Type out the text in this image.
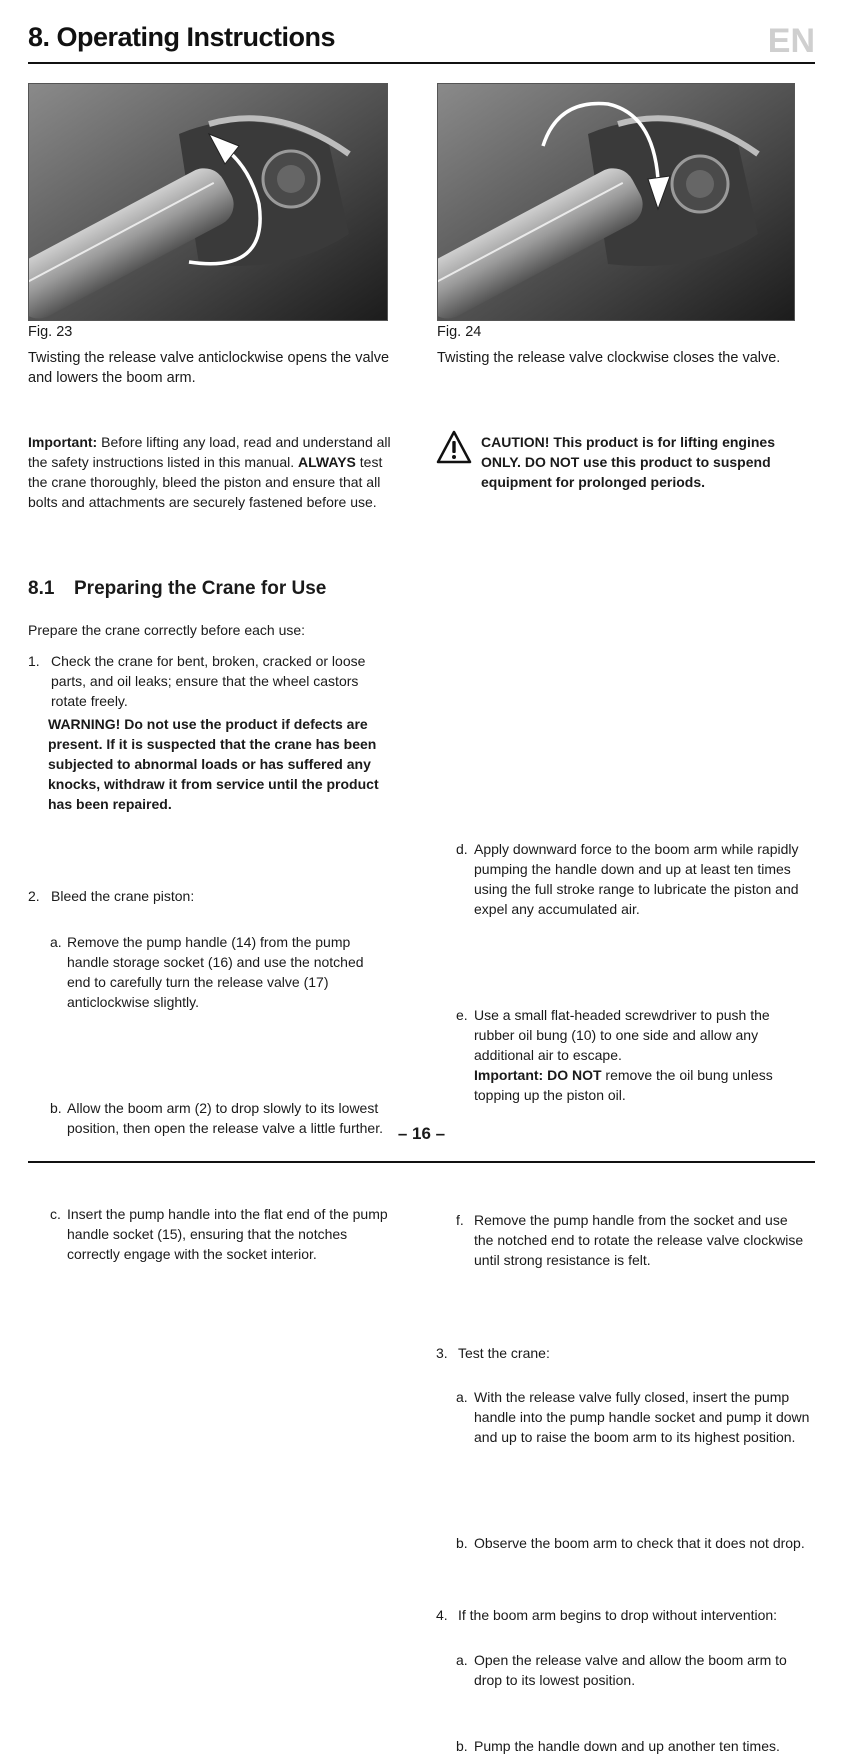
8. Operating Instructions	EN
Fig. 23
Twisting the release valve anticlockwise opens the valve and lowers the boom arm.
Fig. 24
Twisting the release valve clockwise closes the valve.
Important: Before lifting any load, read and understand all the safety instructions listed in this manual. ALWAYS test the crane thoroughly, bleed the piston and ensure that all bolts and attachments are securely fastened before use.
CAUTION! This product is for lifting engines ONLY. DO NOT use this product to suspend equipment for prolonged periods.
8.1 Preparing the Crane for Use
Prepare the crane correctly before each use:
1. Check the crane for bent, broken, cracked or loose parts, and oil leaks; ensure that the wheel castors rotate freely.
WARNING! Do not use the product if defects are present. If it is suspected that the crane has been subjected to abnormal loads or has suffered any knocks, withdraw it from service until the product has been repaired.
2. Bleed the crane piston:
a. Remove the pump handle (14) from the pump handle storage socket (16) and use the notched end to carefully turn the release valve (17) anticlockwise slightly.
b. Allow the boom arm (2) to drop slowly to its lowest position, then open the release valve a little further.
c. Insert the pump handle into the flat end of the pump handle socket (15), ensuring that the notches correctly engage with the socket interior.
d. Apply downward force to the boom arm while rapidly pumping the handle down and up at least ten times using the full stroke range to lubricate the piston and expel any accumulated air.
e. Use a small flat-headed screwdriver to push the rubber oil bung (10) to one side and allow any additional air to escape.
Important: DO NOT remove the oil bung unless topping up the piston oil.
f. Remove the pump handle from the socket and use the notched end to rotate the release valve clockwise until strong resistance is felt.
3. Test the crane:
a. With the release valve fully closed, insert the pump handle into the pump handle socket and pump it down and up to raise the boom arm to its highest position.
b. Observe the boom arm to check that it does not drop.
4. If the boom arm begins to drop without intervention:
a. Open the release valve and allow the boom arm to drop to its lowest position.
b. Pump the handle down and up another ten times.
– 16 –
